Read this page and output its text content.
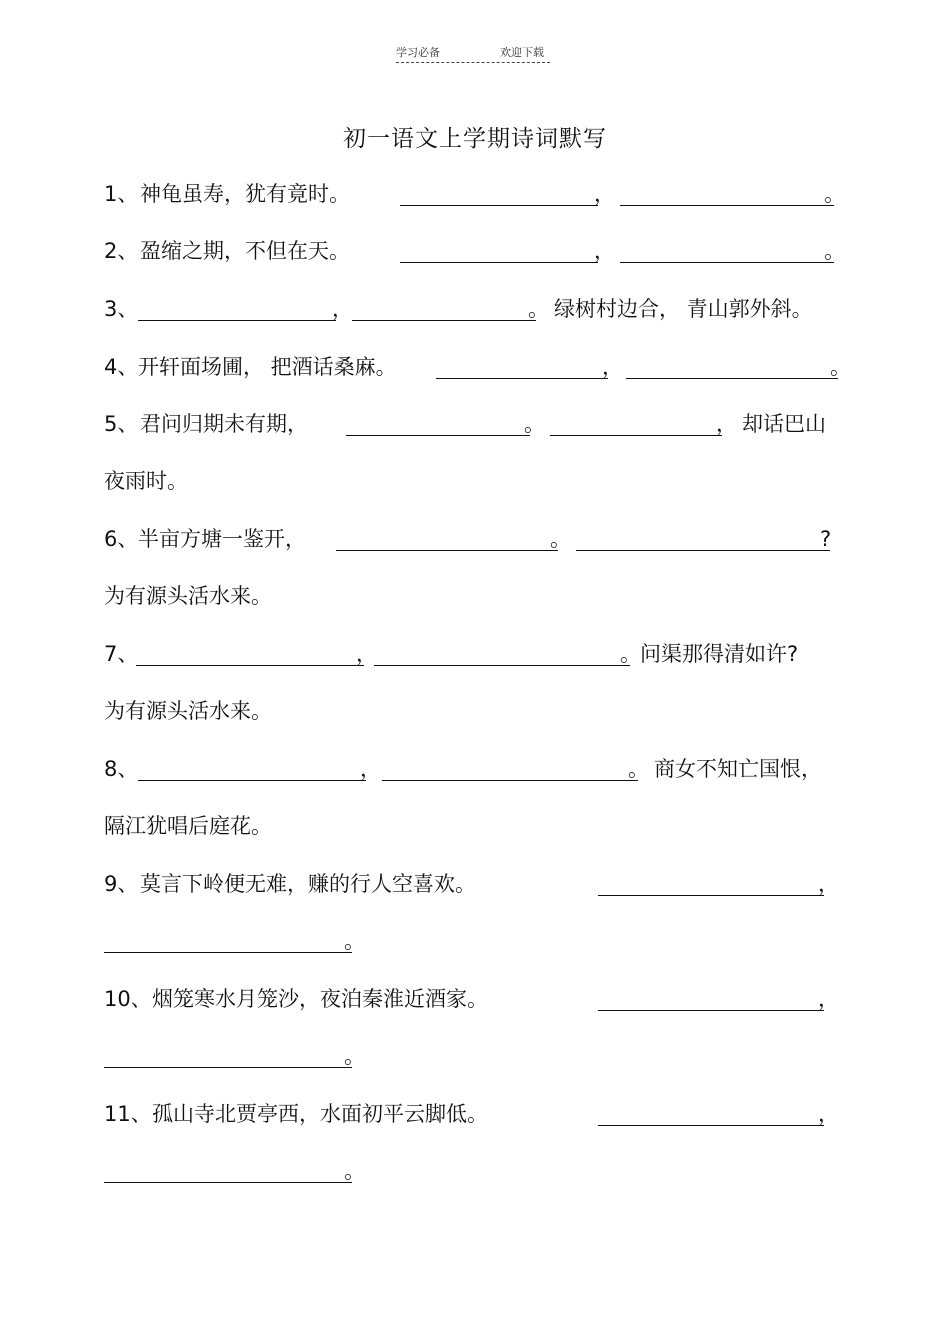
学习必备	欢迎下载
初一语文上学期诗词默写
1、 神龟虽寿，犹有竟时。	，	。
2、 盈缩之期，不但在天。	，	。
3、	，	。 绿树村边合， 青山郭外斜。
4、 开轩面场圃， 把酒话桑麻。	，	。
5、 君问归期未有期，	。	， 却话巴山
夜雨时。
6、 半亩方塘一鉴开，	。	?
为有源头活水来。
7、	，	。 问渠那得清如许?
为有源头活水来。
8、	，	。 商女不知亡国恨，
隔江犹唱后庭花。
9、 莫言下岭便无难，赚的行人空喜欢。	，
。
10、 烟笼寒水月笼沙，夜泊秦淮近酒家。	，
。
11、 孤山寺北贾亭西，水面初平云脚低。	，
。
